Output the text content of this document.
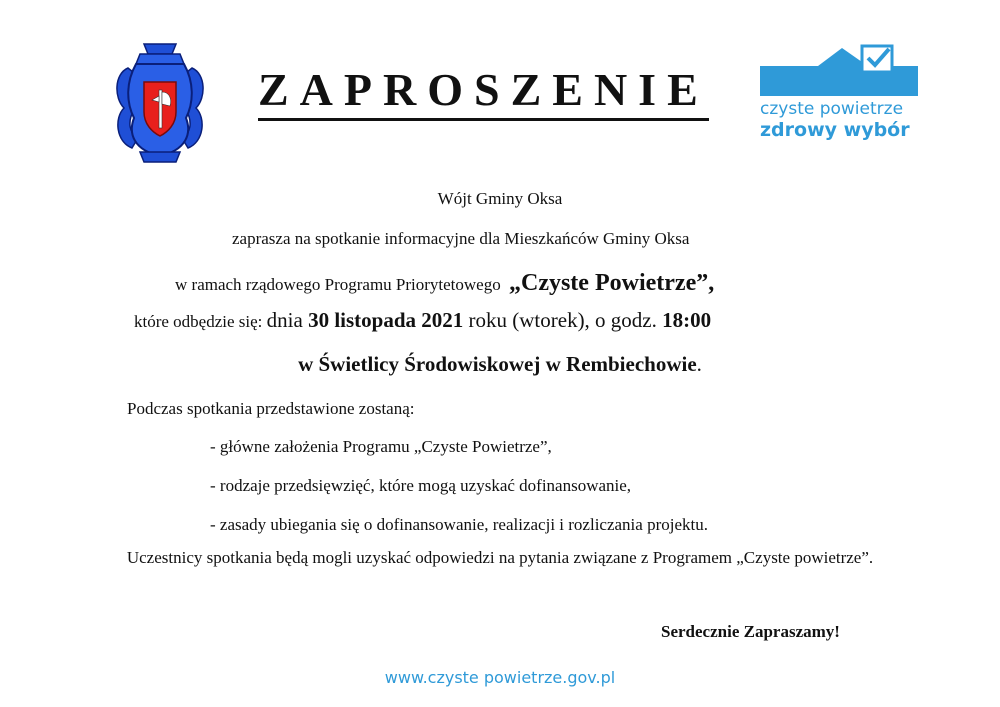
ZAPROSZENIE	czyste powietrze
zdrowy wybór
Wójt Gminy Oksa
zaprasza na spotkanie informacyjne dla Mieszkańców Gminy Oksa
w ramach rządowego Programu Priorytetowego „Czyste Powietrze”,
które odbędzie się: dnia 30 listopada 2021 roku (wtorek), o godz. 18:00
w Świetlicy Środowiskowej w Rembiechowie.
Podczas spotkania przedstawione zostaną:
- główne założenia Programu „Czyste Powietrze”,
- rodzaje przedsięwzięć, które mogą uzyskać dofinansowanie,
- zasady ubiegania się o dofinansowanie, realizacji i rozliczania projektu.
Uczestnicy spotkania będą mogli uzyskać odpowiedzi na pytania związane z Programem „Czyste powietrze”.
Serdecznie Zapraszamy!
www.czyste powietrze.gov.pl
